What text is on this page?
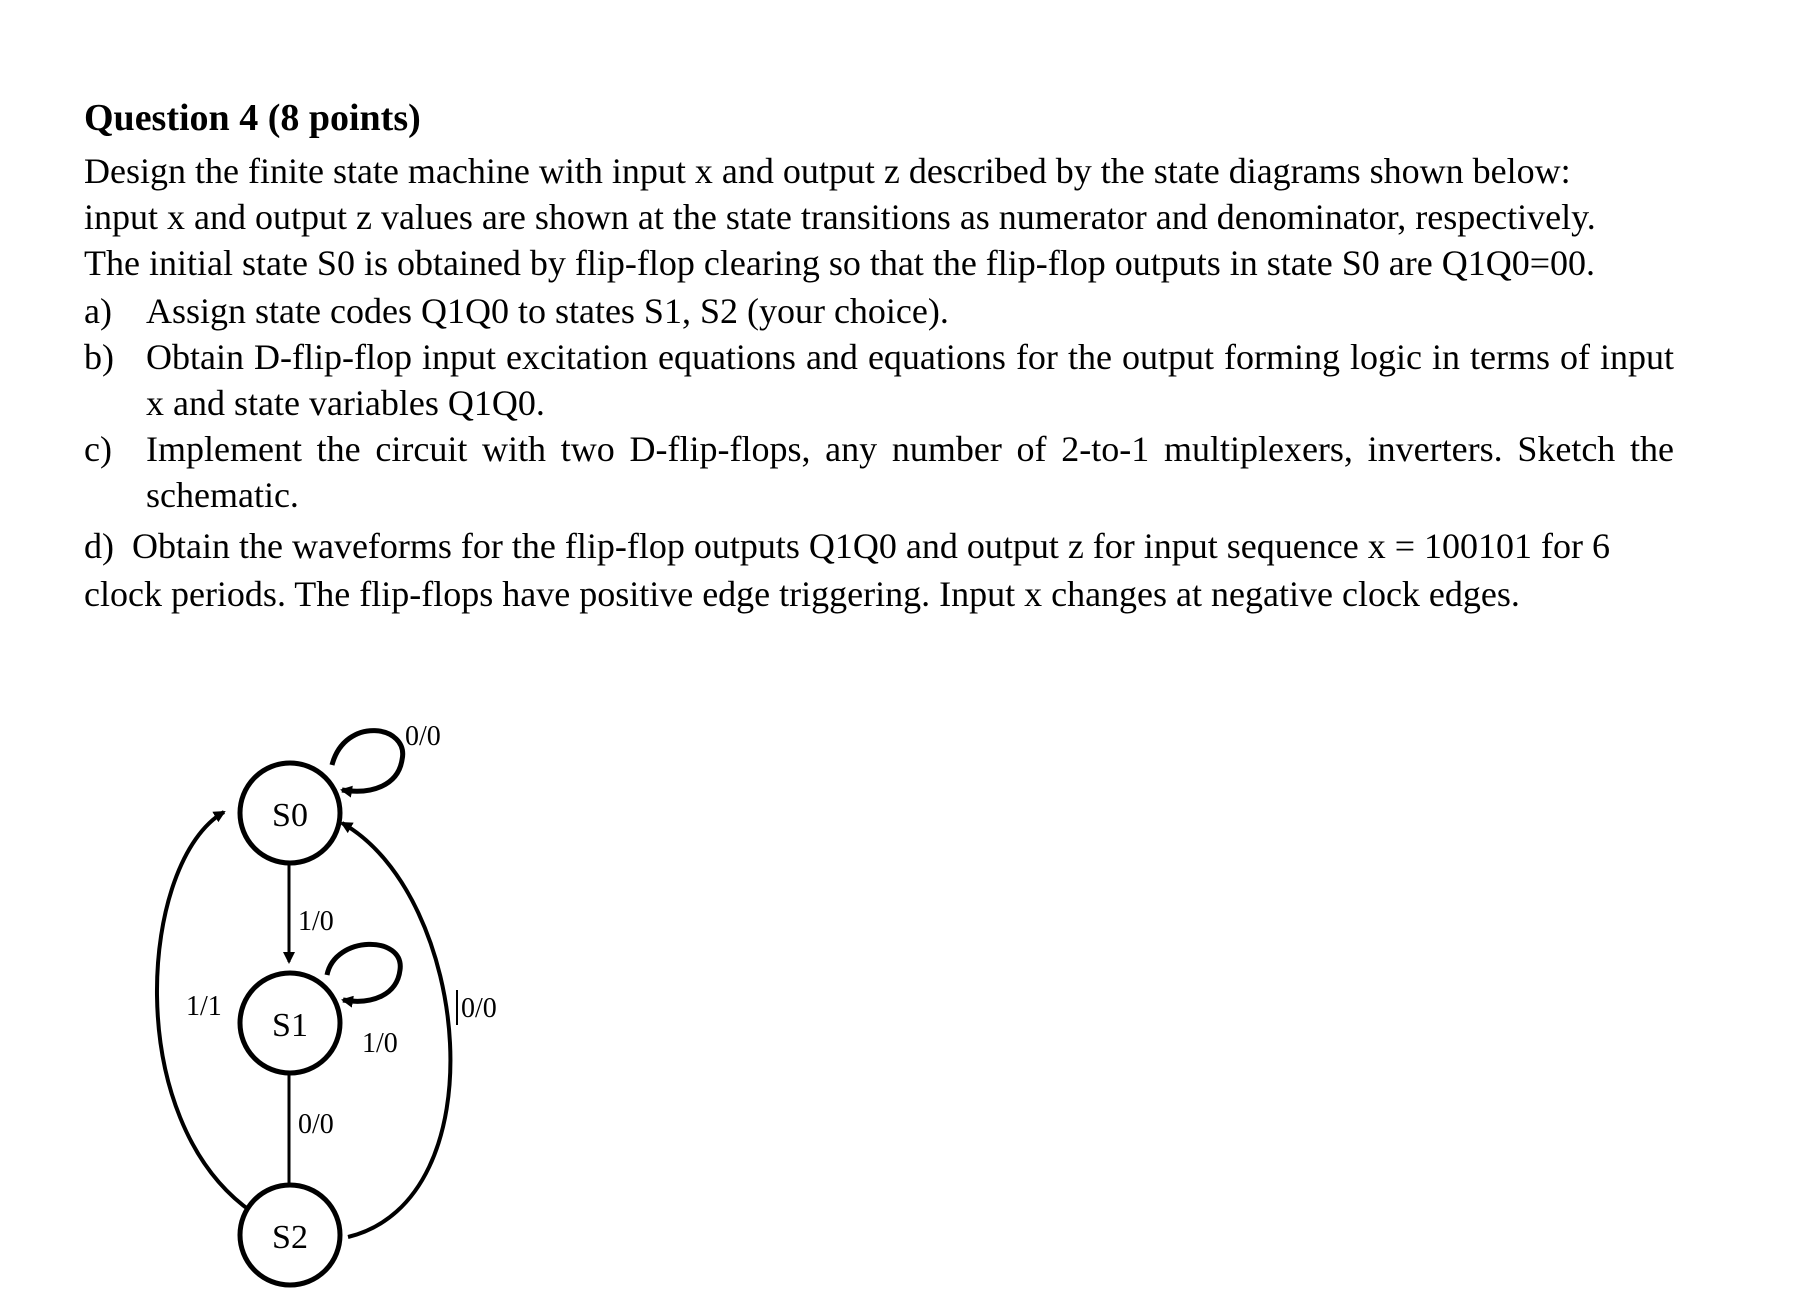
Question 4 (8 points)
Design the finite state machine with input x and output z described by the state diagrams shown below:
input x and output z values are shown at the state transitions as numerator and denominator, respectively.
The initial state S0 is obtained by flip-flop clearing so that the flip-flop outputs in state S0 are Q1Q0=00.
a) Assign state codes Q1Q0 to states S1, S2 (your choice).
b) Obtain D-flip-flop input excitation equations and equations for the output forming logic in terms of input x and state variables Q1Q0.
c) Implement the circuit with two D-flip-flops, any number of 2-to-1 multiplexers, inverters. Sketch the schematic.
d) Obtain the waveforms for the flip-flop outputs Q1Q0 and output z for input sequence x = 100101 for 6 clock periods. The flip-flops have positive edge triggering. Input x changes at negative clock edges.
S0
S1
S2
0/0
1/0
1/0
0/0
1/1	0/0
